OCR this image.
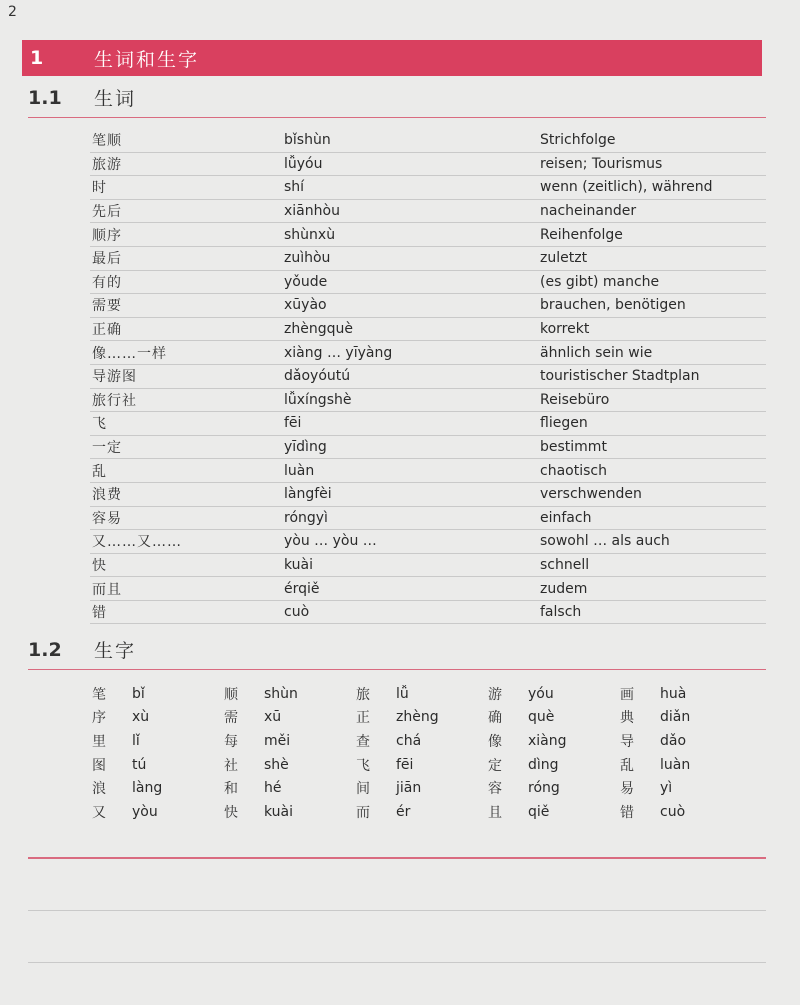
2
1	生词和生字
1.1	生词
笔顺	bǐshùn	Strichfolge
旅游	lǚyóu	reisen; Tourismus
时	shí	wenn (zeitlich), während
先后	xiānhòu	nacheinander
顺序	shùnxù	Reihenfolge
最后	zuìhòu	zuletzt
有的	yǒude	(es gibt) manche
需要	xūyào	brauchen, benötigen
正确	zhèngquè	korrekt
像……一样	xiàng … yīyàng	ähnlich sein wie
导游图	dǎoyóutú	touristischer Stadtplan
旅行社	lǚxíngshè	Reisebüro
飞	fēi	fliegen
一定	yīdìng	bestimmt
乱	luàn	chaotisch
浪费	làngfèi	verschwenden
容易	róngyì	einfach
又……又……	yòu … yòu …	sowohl … als auch
快	kuài	schnell
而且	érqiě	zudem
错	cuò	falsch
1.2	生字
笔	bǐ	顺	shùn	旅	lǚ	游	yóu	画	huà
序	xù	需	xū	正	zhèng	确	què	典	diǎn
里	lǐ	每	měi	查	chá	像	xiàng	导	dǎo
图	tú	社	shè	飞	fēi	定	dìng	乱	luàn
浪	làng	和	hé	间	jiān	容	róng	易	yì
又	yòu	快	kuài	而	ér	且	qiě	错	cuò
